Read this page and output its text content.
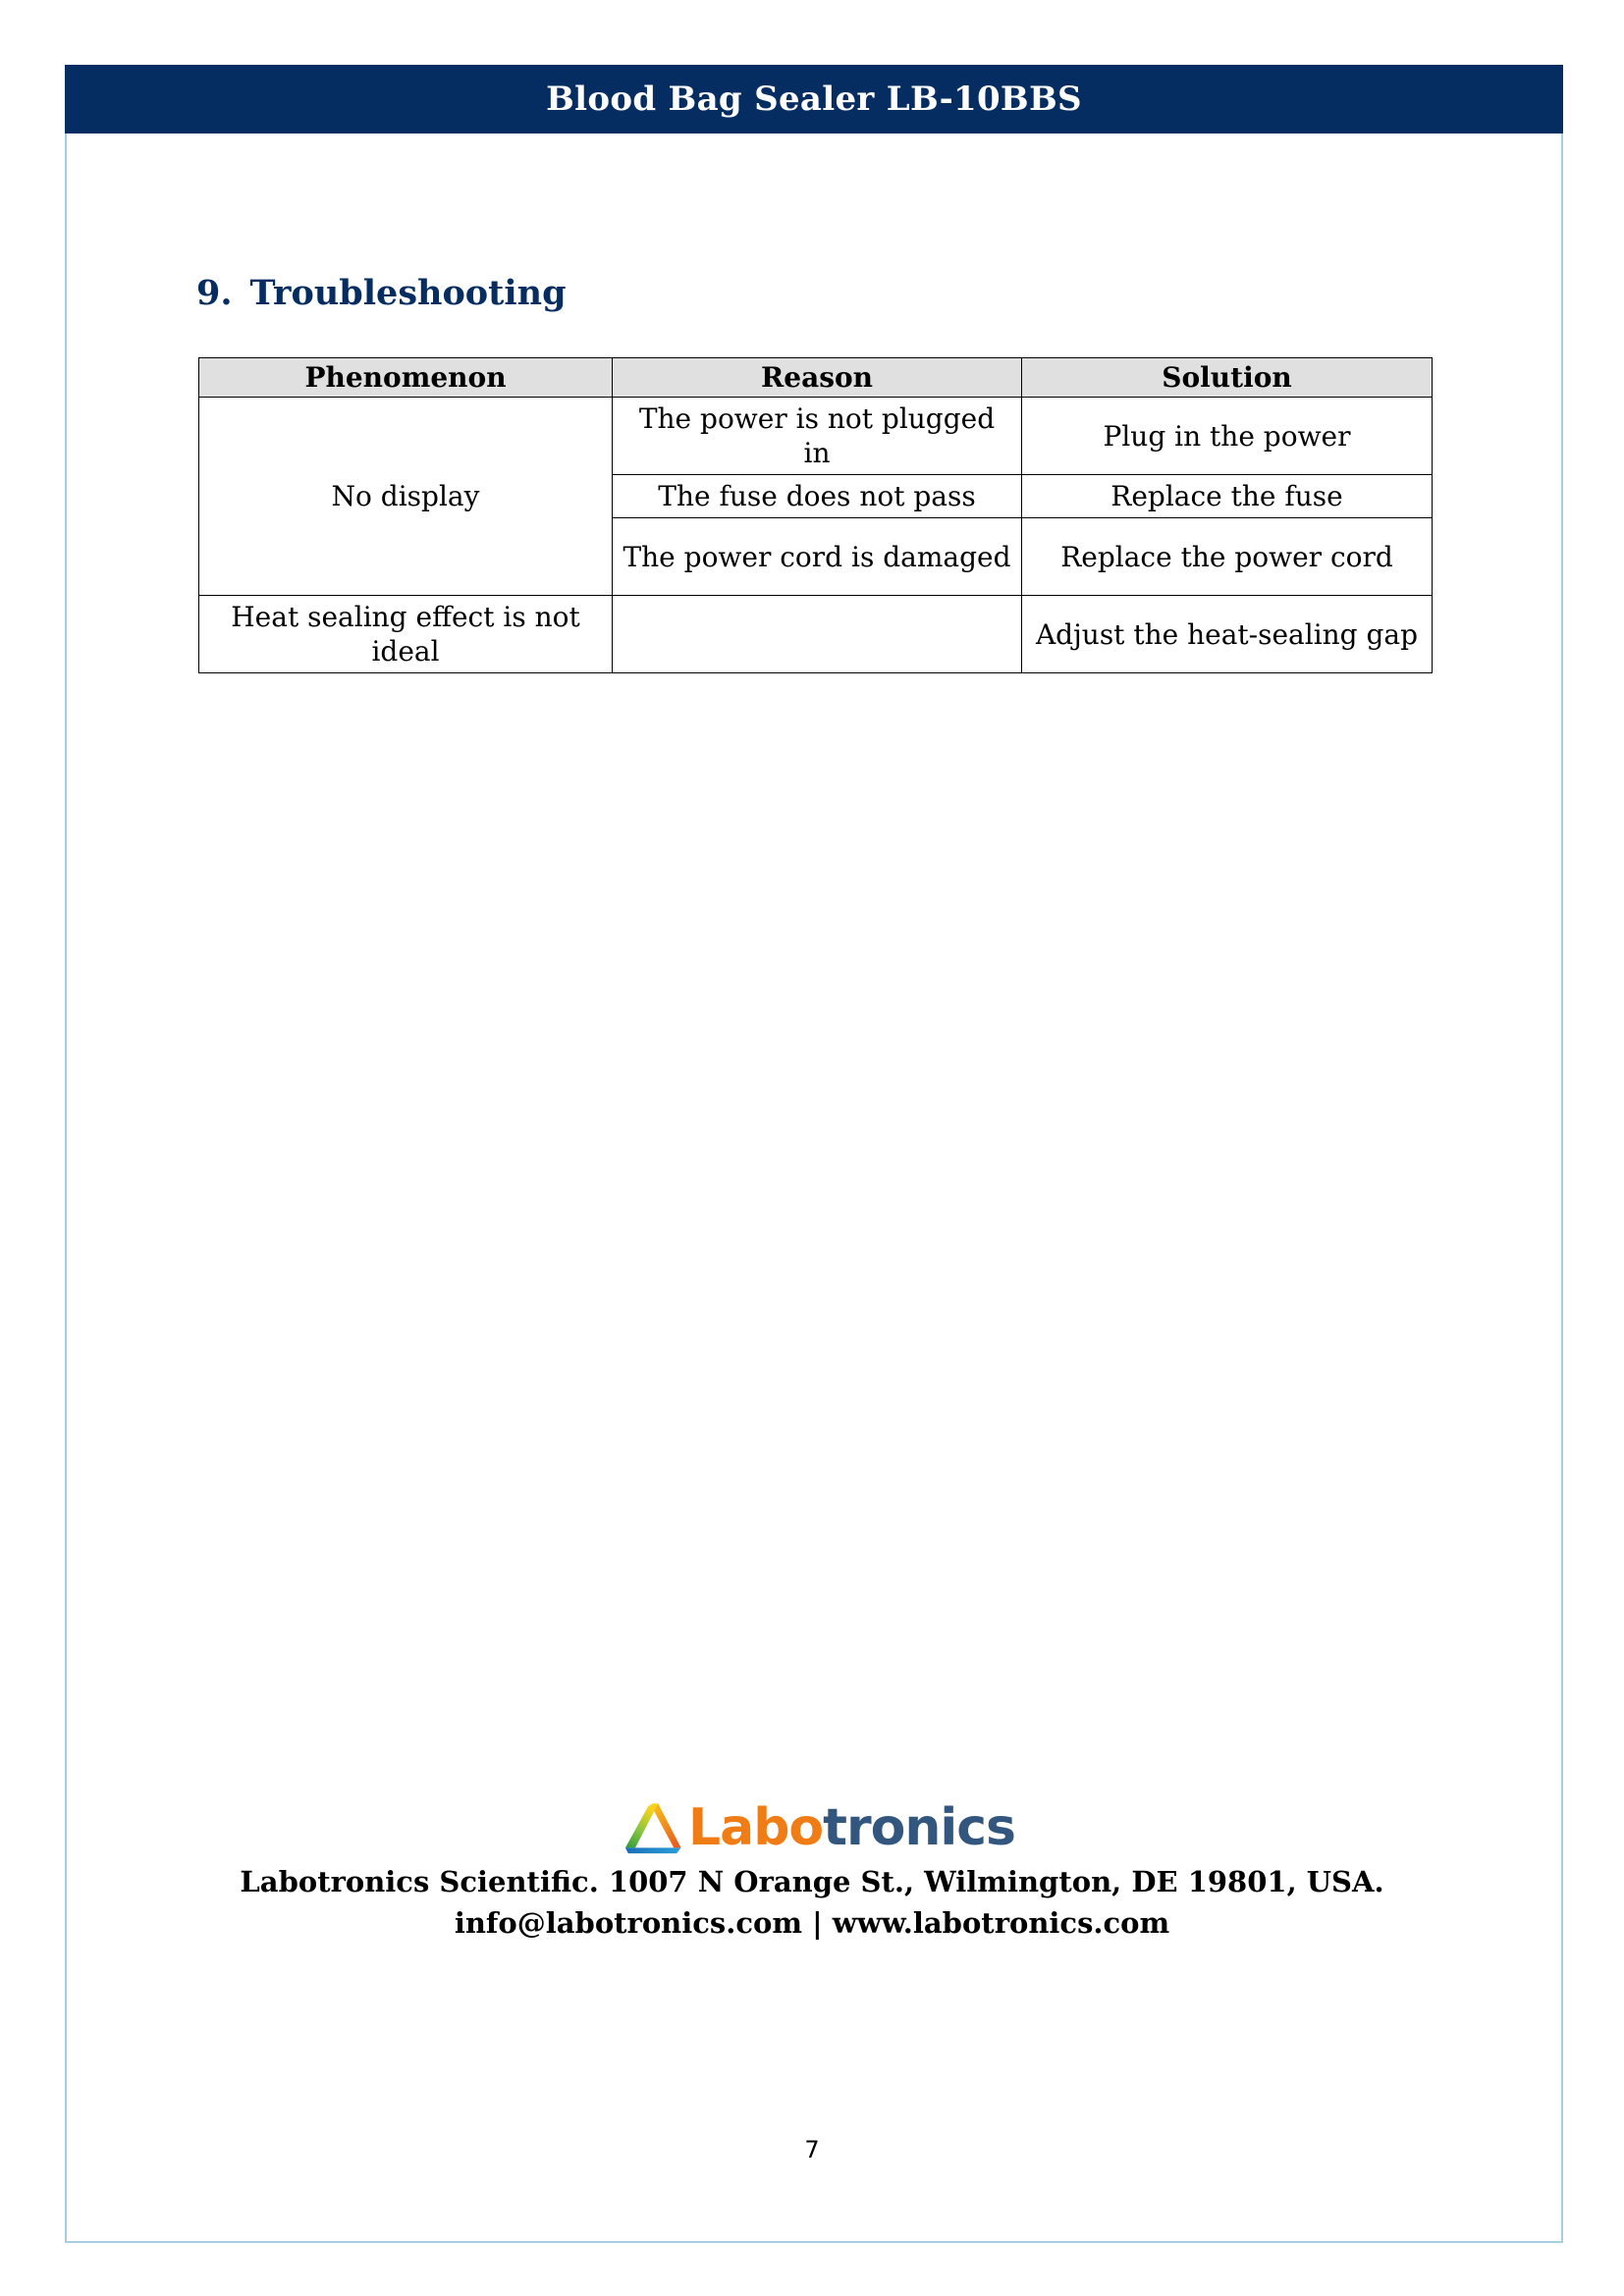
Blood Bag Sealer LB-10BBS
9. Troubleshooting
Phenomenon	Reason	Solution
No display	The power is not plugged in	Plug in the power
	The fuse does not pass	Replace the fuse
	The power cord is damaged	Replace the power cord
Heat sealing effect is not ideal		Adjust the heat-sealing gap
Labotronics
Labotronics Scientific. 1007 N Orange St., Wilmington, DE 19801, USA.
info@labotronics.com | www.labotronics.com
7
